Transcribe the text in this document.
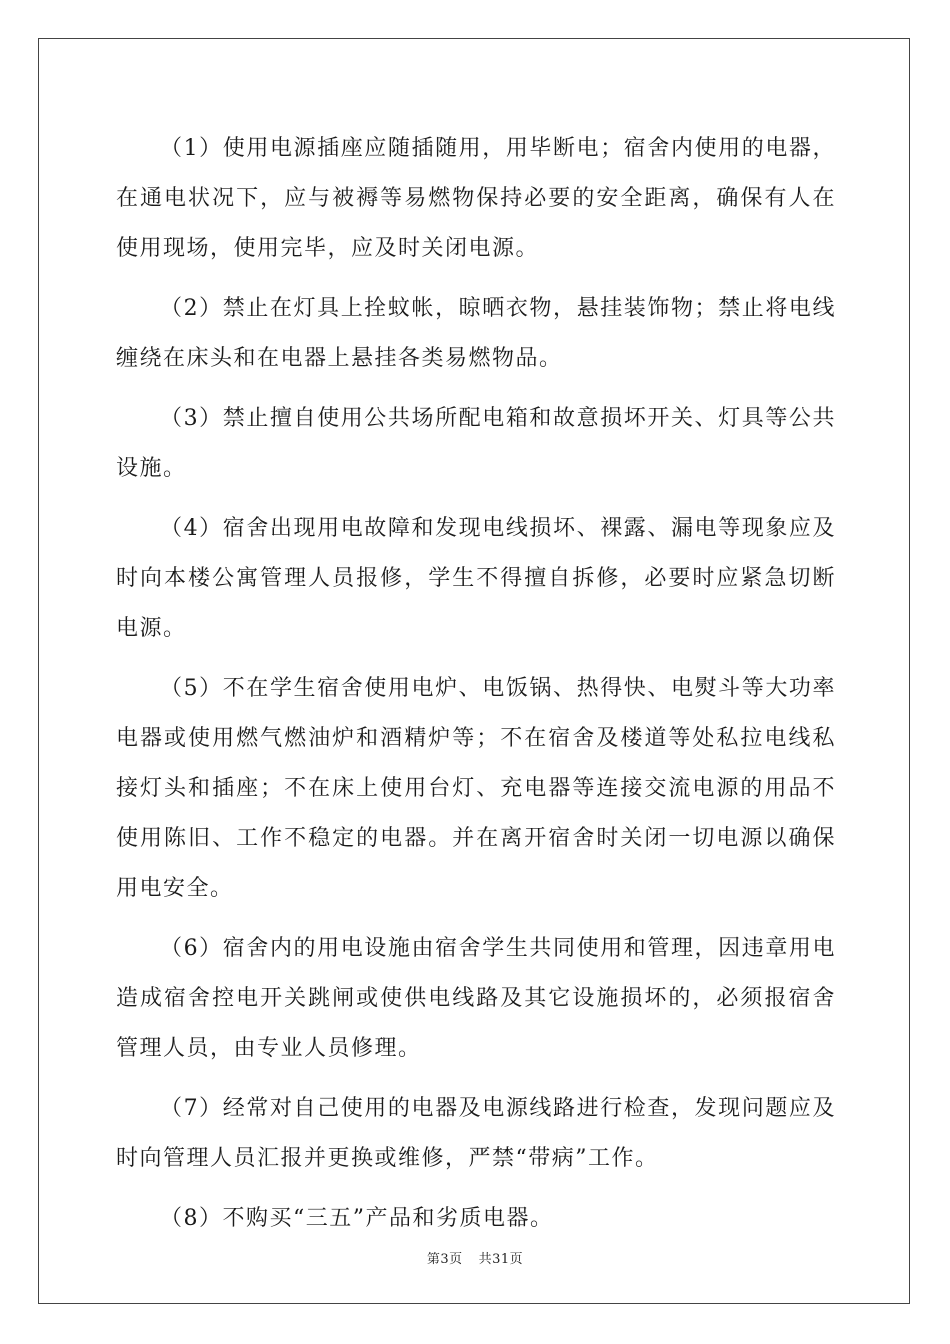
（1）使用电源插座应随插随用，用毕断电；宿舍内使用的电器，在通电状况下，应与被褥等易燃物保持必要的安全距离，确保有人在使用现场，使用完毕，应及时关闭电源。

（2）禁止在灯具上拴蚊帐，晾晒衣物，悬挂装饰物；禁止将电线缠绕在床头和在电器上悬挂各类易燃物品。

（3）禁止擅自使用公共场所配电箱和故意损坏开关、灯具等公共设施。

（4）宿舍出现用电故障和发现电线损坏、裸露、漏电等现象应及时向本楼公寓管理人员报修，学生不得擅自拆修，必要时应紧急切断电源。

（5）不在学生宿舍使用电炉、电饭锅、热得快、电熨斗等大功率电器或使用燃气燃油炉和酒精炉等；不在宿舍及楼道等处私拉电线私接灯头和插座；不在床上使用台灯、充电器等连接交流电源的用品不使用陈旧、工作不稳定的电器。并在离开宿舍时关闭一切电源以确保用电安全。

（6）宿舍内的用电设施由宿舍学生共同使用和管理，因违章用电造成宿舍控电开关跳闸或使供电线路及其它设施损坏的，必须报宿舍管理人员，由专业人员修理。

（7）经常对自己使用的电器及电源线路进行检查，发现问题应及时向管理人员汇报并更换或维修，严禁“带病”工作。

（8）不购买“三五”产品和劣质电器。

第3页 共31页
